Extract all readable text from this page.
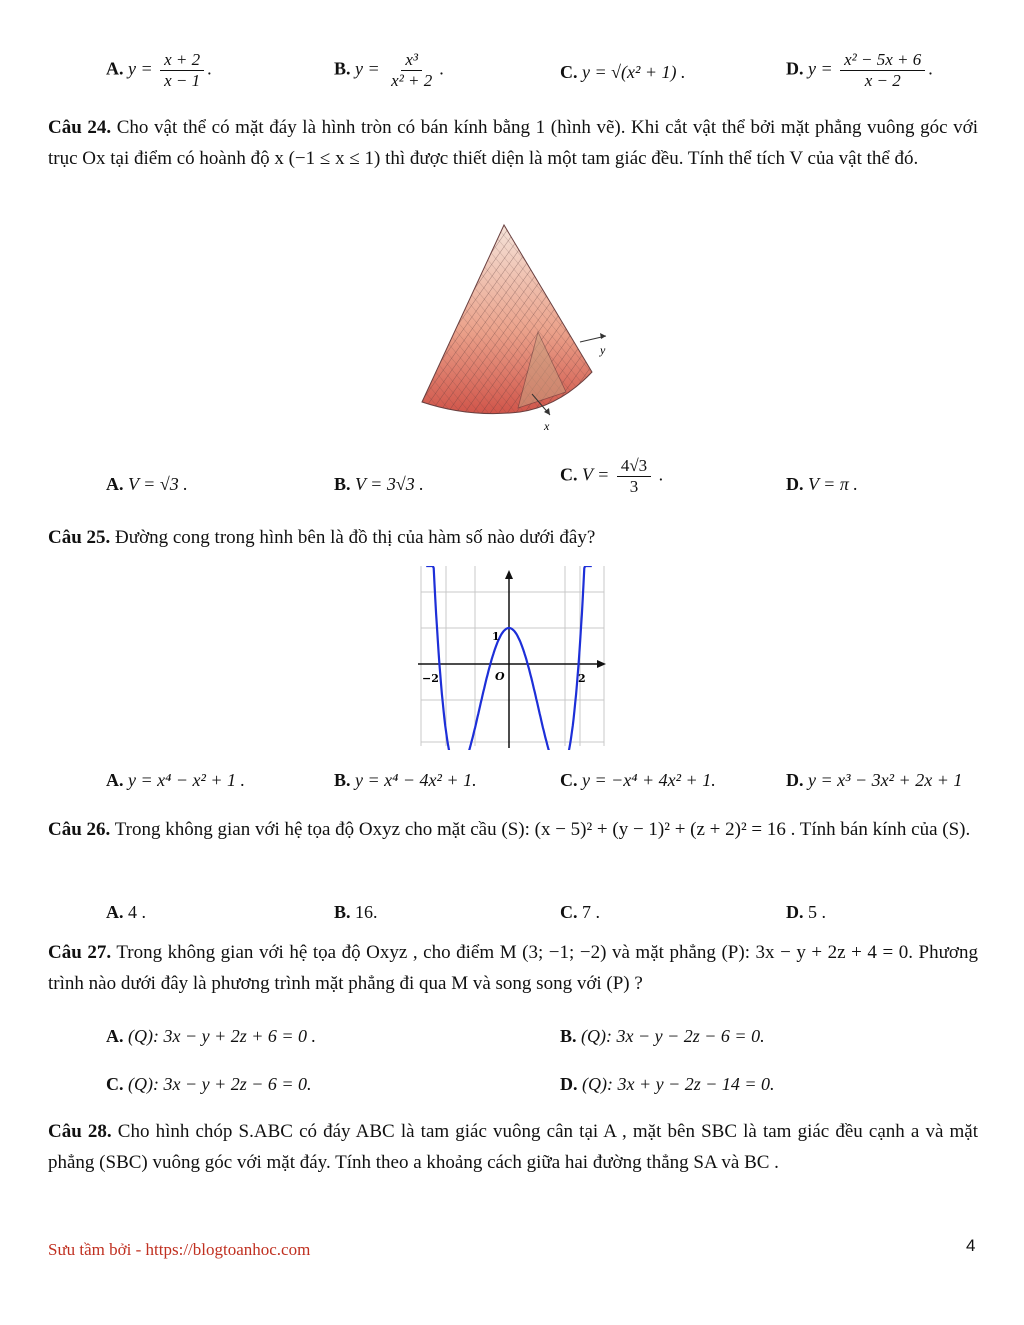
A. $y = \frac{x + 2}{x - 1}$ .	B. $y = \frac{\text{x³}}{\text{x² + 2}}$ .	C. y = √(x² + 1) .	D. $y = \frac{\text{x² − 5x + 6}}{x - 2}$ .
Câu 24. Cho vật thể có mặt đáy là hình tròn có bán kính bằng 1 (hình vẽ). Khi cắt vật thể bởi mặt phẳng vuông góc với trục Ox tại điểm có hoành độ x (−1 ≤ x ≤ 1) thì được thiết diện là một tam giác đều. Tính thể tích V của vật thể đó.
y
x
A. V = √3 .	B. V = 3√3 .	C. $V = \frac{4√3}{3}$ .	D. V = π .
Câu 25. Đường cong trong hình bên là đồ thị của hàm số nào dưới đây?
1
O
−2	2
A. y = x⁴ − x² + 1 .	B. y = x⁴ − 4x² + 1.	C. y = −x⁴ + 4x² + 1.	D. y = x³ − 3x² + 2x + 1
Câu 26. Trong không gian với hệ tọa độ Oxyz cho mặt cầu (S): (x − 5)² + (y − 1)² + (z + 2)² = 16 . Tính bán kính của (S).
A. 4 .	B. 16.	C. 7 .	D. 5 .
Câu 27. Trong không gian với hệ tọa độ Oxyz , cho điểm M (3; −1; −2) và mặt phẳng (P): 3x − y + 2z + 4 = 0. Phương trình nào dưới đây là phương trình mặt phẳng đi qua M và song song với (P) ?
A. (Q): 3x − y + 2z + 6 = 0 .	B. (Q): 3x − y − 2z − 6 = 0.
C. (Q): 3x − y + 2z − 6 = 0.	D. (Q): 3x + y − 2z − 14 = 0.
Câu 28. Cho hình chóp S.ABC có đáy ABC là tam giác vuông cân tại A , mặt bên SBC là tam giác đều cạnh a và mặt phẳng (SBC) vuông góc với mặt đáy. Tính theo a khoảng cách giữa hai đường thẳng SA và BC .
Sưu tầm bởi - https://blogtoanhoc.com	4
